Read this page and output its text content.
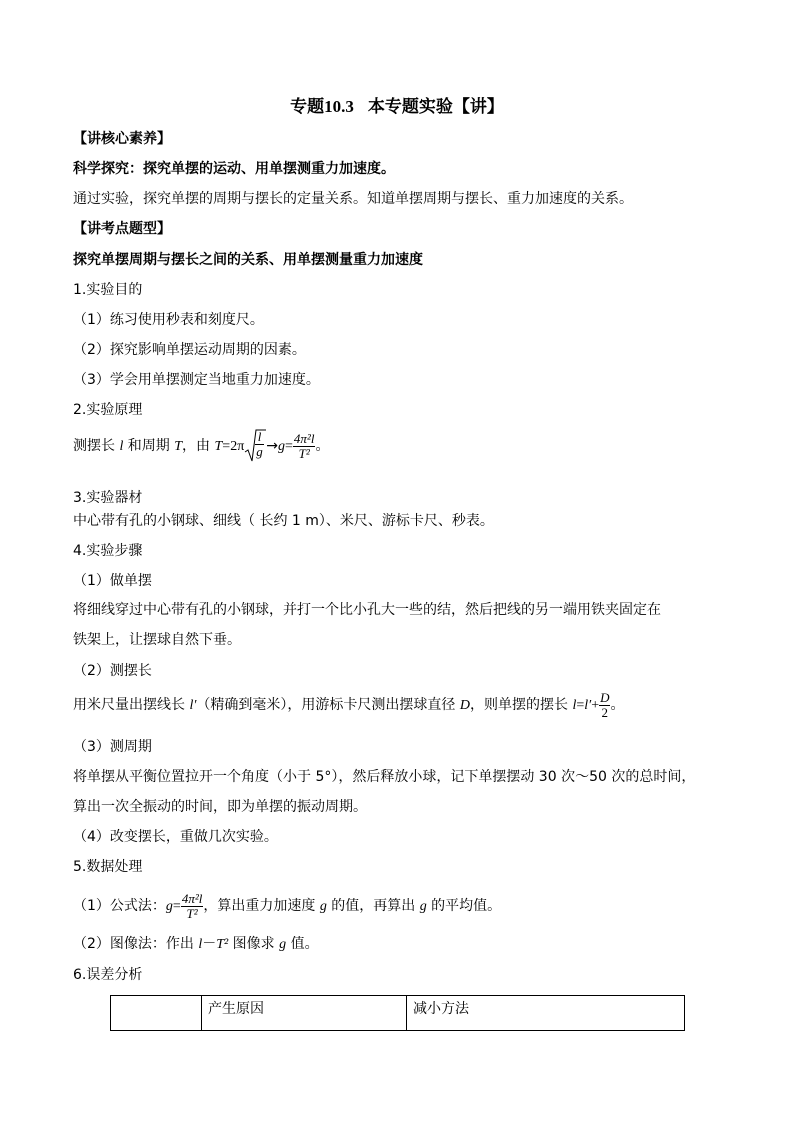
专题10.3 本专题实验【讲】
【讲核心素养】
科学探究：探究单摆的运动、用单摆测重力加速度。
通过实验，探究单摆的周期与摆长的定量关系。知道单摆周期与摆长、重力加速度的关系。
【讲考点题型】
探究单摆周期与摆长之间的关系、用单摆测量重力加速度
1.实验目的
（1）练习使用秒表和刻度尺。
（2）探究影响单摆运动周期的因素。
（3）学会用单摆测定当地重力加速度。
2.实验原理
测摆长 l 和周期 T，由 $T=2\pi \frac{l}{g} \to g= \frac{\text{4π²l}}{\text{T²}}$ 。
3.实验器材
中心带有孔的小钢球、细线（ 长约 1 m）、米尺、游标卡尺、秒表。
4.实验步骤
（1）做单摆
将细线穿过中心带有孔的小钢球，并打一个比小孔大一些的结，然后把线的另一端用铁夹固定在
铁架上，让摆球自然下垂。
（2）测摆长
用米尺量出摆线长 l′（精确到毫米），用游标卡尺测出摆球直径 D，则单摆的摆长 $l=l'+ \frac{D}{2}$ 。
（3）测周期
将单摆从平衡位置拉开一个角度（小于 5°），然后释放小球，记下单摆摆动 30 次～50 次的总时间，
算出一次全振动的时间，即为单摆的振动周期。
（4）改变摆长，重做几次实验。
5.数据处理
（1）公式法：$g= \frac{\text{4π²l}}{\text{T²}}$ ，算出重力加速度 g 的值，再算出 g 的平均值。
（2）图像法：作出 l－T² 图像求 g 值。
6.误差分析
	产生原因	减小方法
